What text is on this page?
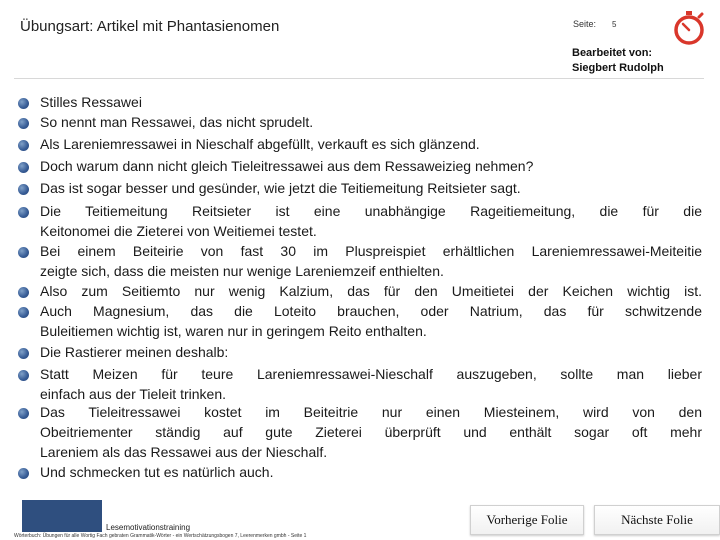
Übungsart: Artikel mit Phantasienomen	Seite: 5
Bearbeitet von:
Siegbert Rudolph
Stilles Ressawei
So nennt man Ressawei, das nicht sprudelt.
Als Lareniemressawei in Nieschalf abgefüllt, verkauft es sich glänzend.
Doch warum dann nicht gleich Tieleitressawei aus dem Ressaweizieg nehmen?
Das ist sogar besser und gesünder, wie jetzt die Teitiemeitung Reitsieter sagt.
Die Teitiemeitung Reitsieter ist eine unabhängige Rageitiemeitung, die für die
Keitonomei die Zieterei von Weitiemei testet.
Bei einem Beiteirie von fast 30 im Pluspreispiet erhältlichen Lareniemressawei-Meiteitie
zeigte sich, dass die meisten nur wenige Lareniemzeif enthielten.
Also zum Seitiemto nur wenig Kalzium, das für den Umeitietei der Keichen wichtig ist.
Auch Magnesium, das die Loteito brauchen, oder Natrium, das für schwitzende
Buleitiemen wichtig ist, waren nur in geringem Reito enthalten.
Die Rastierer meinen deshalb:
Statt Meizen für teure Lareniemressawei-Nieschalf auszugeben, sollte man lieber
einfach aus der Tieleit trinken.
Das Tieleitressawei kostet im Beiteitrie nur einen Miesteinem, wird von den
Obeitriementer ständig auf gute Zieterei überprüft und enthält sogar oft mehr
Lareniem als das Ressawei aus der Nieschalf.
Und schmecken tut es natürlich auch.
Lesemotivationstraining
Wörterbuch: Übungen für alle Wortig Fach gebraten Grammatik-Wörter - ein Wertschätzungsbogen 7, Leerenmerken gmbh - Seite 1
Vorherige Folie	Nächste Folie
